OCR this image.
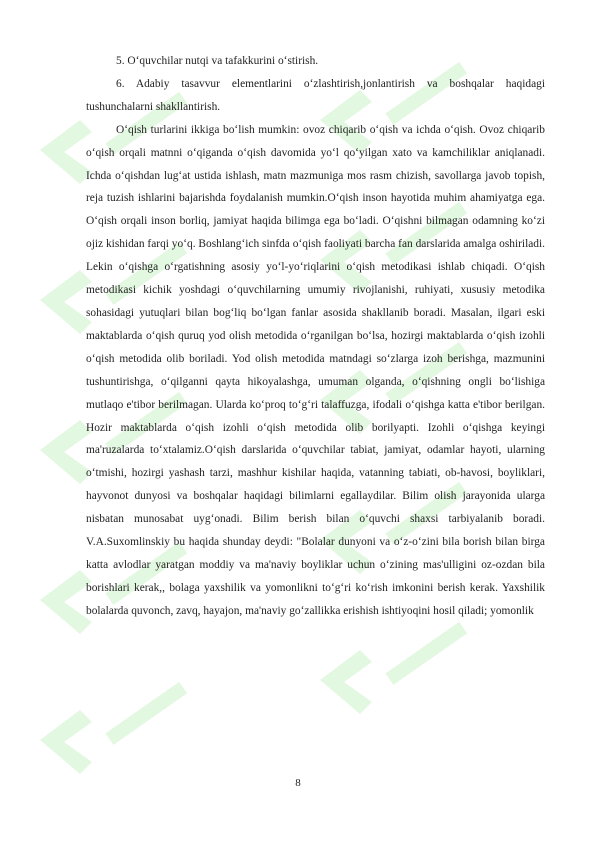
5. O‘quvchilar nutqi va tafakkurini o‘stirish.

6. Adabiy tasavvur elementlarini o‘zlashtirish,jonlantirish va boshqalar haqidagi tushunchalarni shakllantirish.

O‘qish turlarini ikkiga bo‘lish mumkin: ovoz chiqarib o‘qish va ichda o‘qish. Ovoz chiqarib o‘qish orqali matnni o‘qiganda o‘qish davomida yo‘l qo‘yilgan xato va kamchiliklar aniqlanadi. Ichda o‘qishdan lug‘at ustida ishlash, matn mazmuniga mos rasm chizish, savollarga javob topish, reja tuzish ishlarini bajarishda foydalanish mumkin.O‘qish inson hayotida muhim ahamiyatga ega. O‘qish orqali inson borliq, jamiyat haqida bilimga ega bo‘ladi. O‘qishni bilmagan odamning ko‘zi ojiz kishidan farqi yo‘q. Boshlang‘ich sinfda o‘qish faoliyati barcha fan darslarida amalga oshiriladi. Lekin o‘qishga o‘rgatishning asosiy yo‘l-yo‘riqlarini o‘qish metodikasi ishlab chiqadi. O‘qish metodikasi kichik yoshdagi o‘quvchilarning umumiy rivojlanishi, ruhiyati, xususiy metodika sohasidagi yutuqlari bilan bog‘liq bo‘lgan fanlar asosida shakllanib boradi. Masalan, ilgari eski maktablarda o‘qish quruq yod olish metodida o‘rganilgan bo‘lsa, hozirgi maktablarda o‘qish izohli o‘qish metodida olib boriladi. Yod olish metodida matndagi so‘zlarga izoh berishga, mazmunini tushuntirishga, o‘qilganni qayta hikoyalashga, umuman olganda, o‘qishning ongli bo‘lishiga mutlaqo e'tibor berilmagan. Ularda ko‘proq to‘g‘ri talaffuzga, ifodali o‘qishga katta e'tibor berilgan. Hozir maktablarda o‘qish izohli o‘qish metodida olib borilyapti. Izohli o‘qishga keyingi ma'ruzalarda to‘xtalamiz.O‘qish darslarida o‘quvchilar tabiat, jamiyat, odamlar hayoti, ularning o‘tmishi, hozirgi yashash tarzi, mashhur kishilar haqida, vatanning tabiati, ob-havosi, boyliklari, hayvonot dunyosi va boshqalar haqidagi bilimlarni egallaydilar. Bilim olish jarayonida ularga nisbatan munosabat uyg‘onadi. Bilim berish bilan o‘quvchi shaxsi tarbiyalanib boradi. V.A.Suxomlinskiy bu haqida shunday deydi: "Bolalar dunyoni va o‘z-o‘zini bila borish bilan birga katta avlodlar yaratgan moddiy va ma'naviy boyliklar uchun o‘zining mas'ulligini oz-ozdan bila borishlari kerak,, bolaga yaxshilik va yomonlikni to‘g‘ri ko‘rish imkonini berish kerak. Yaxshilik bolalarda quvonch, zavq, hayajon, ma'naviy go‘zallikka erishish ishtiyoqini hosil qiladi; yomonlik

8
